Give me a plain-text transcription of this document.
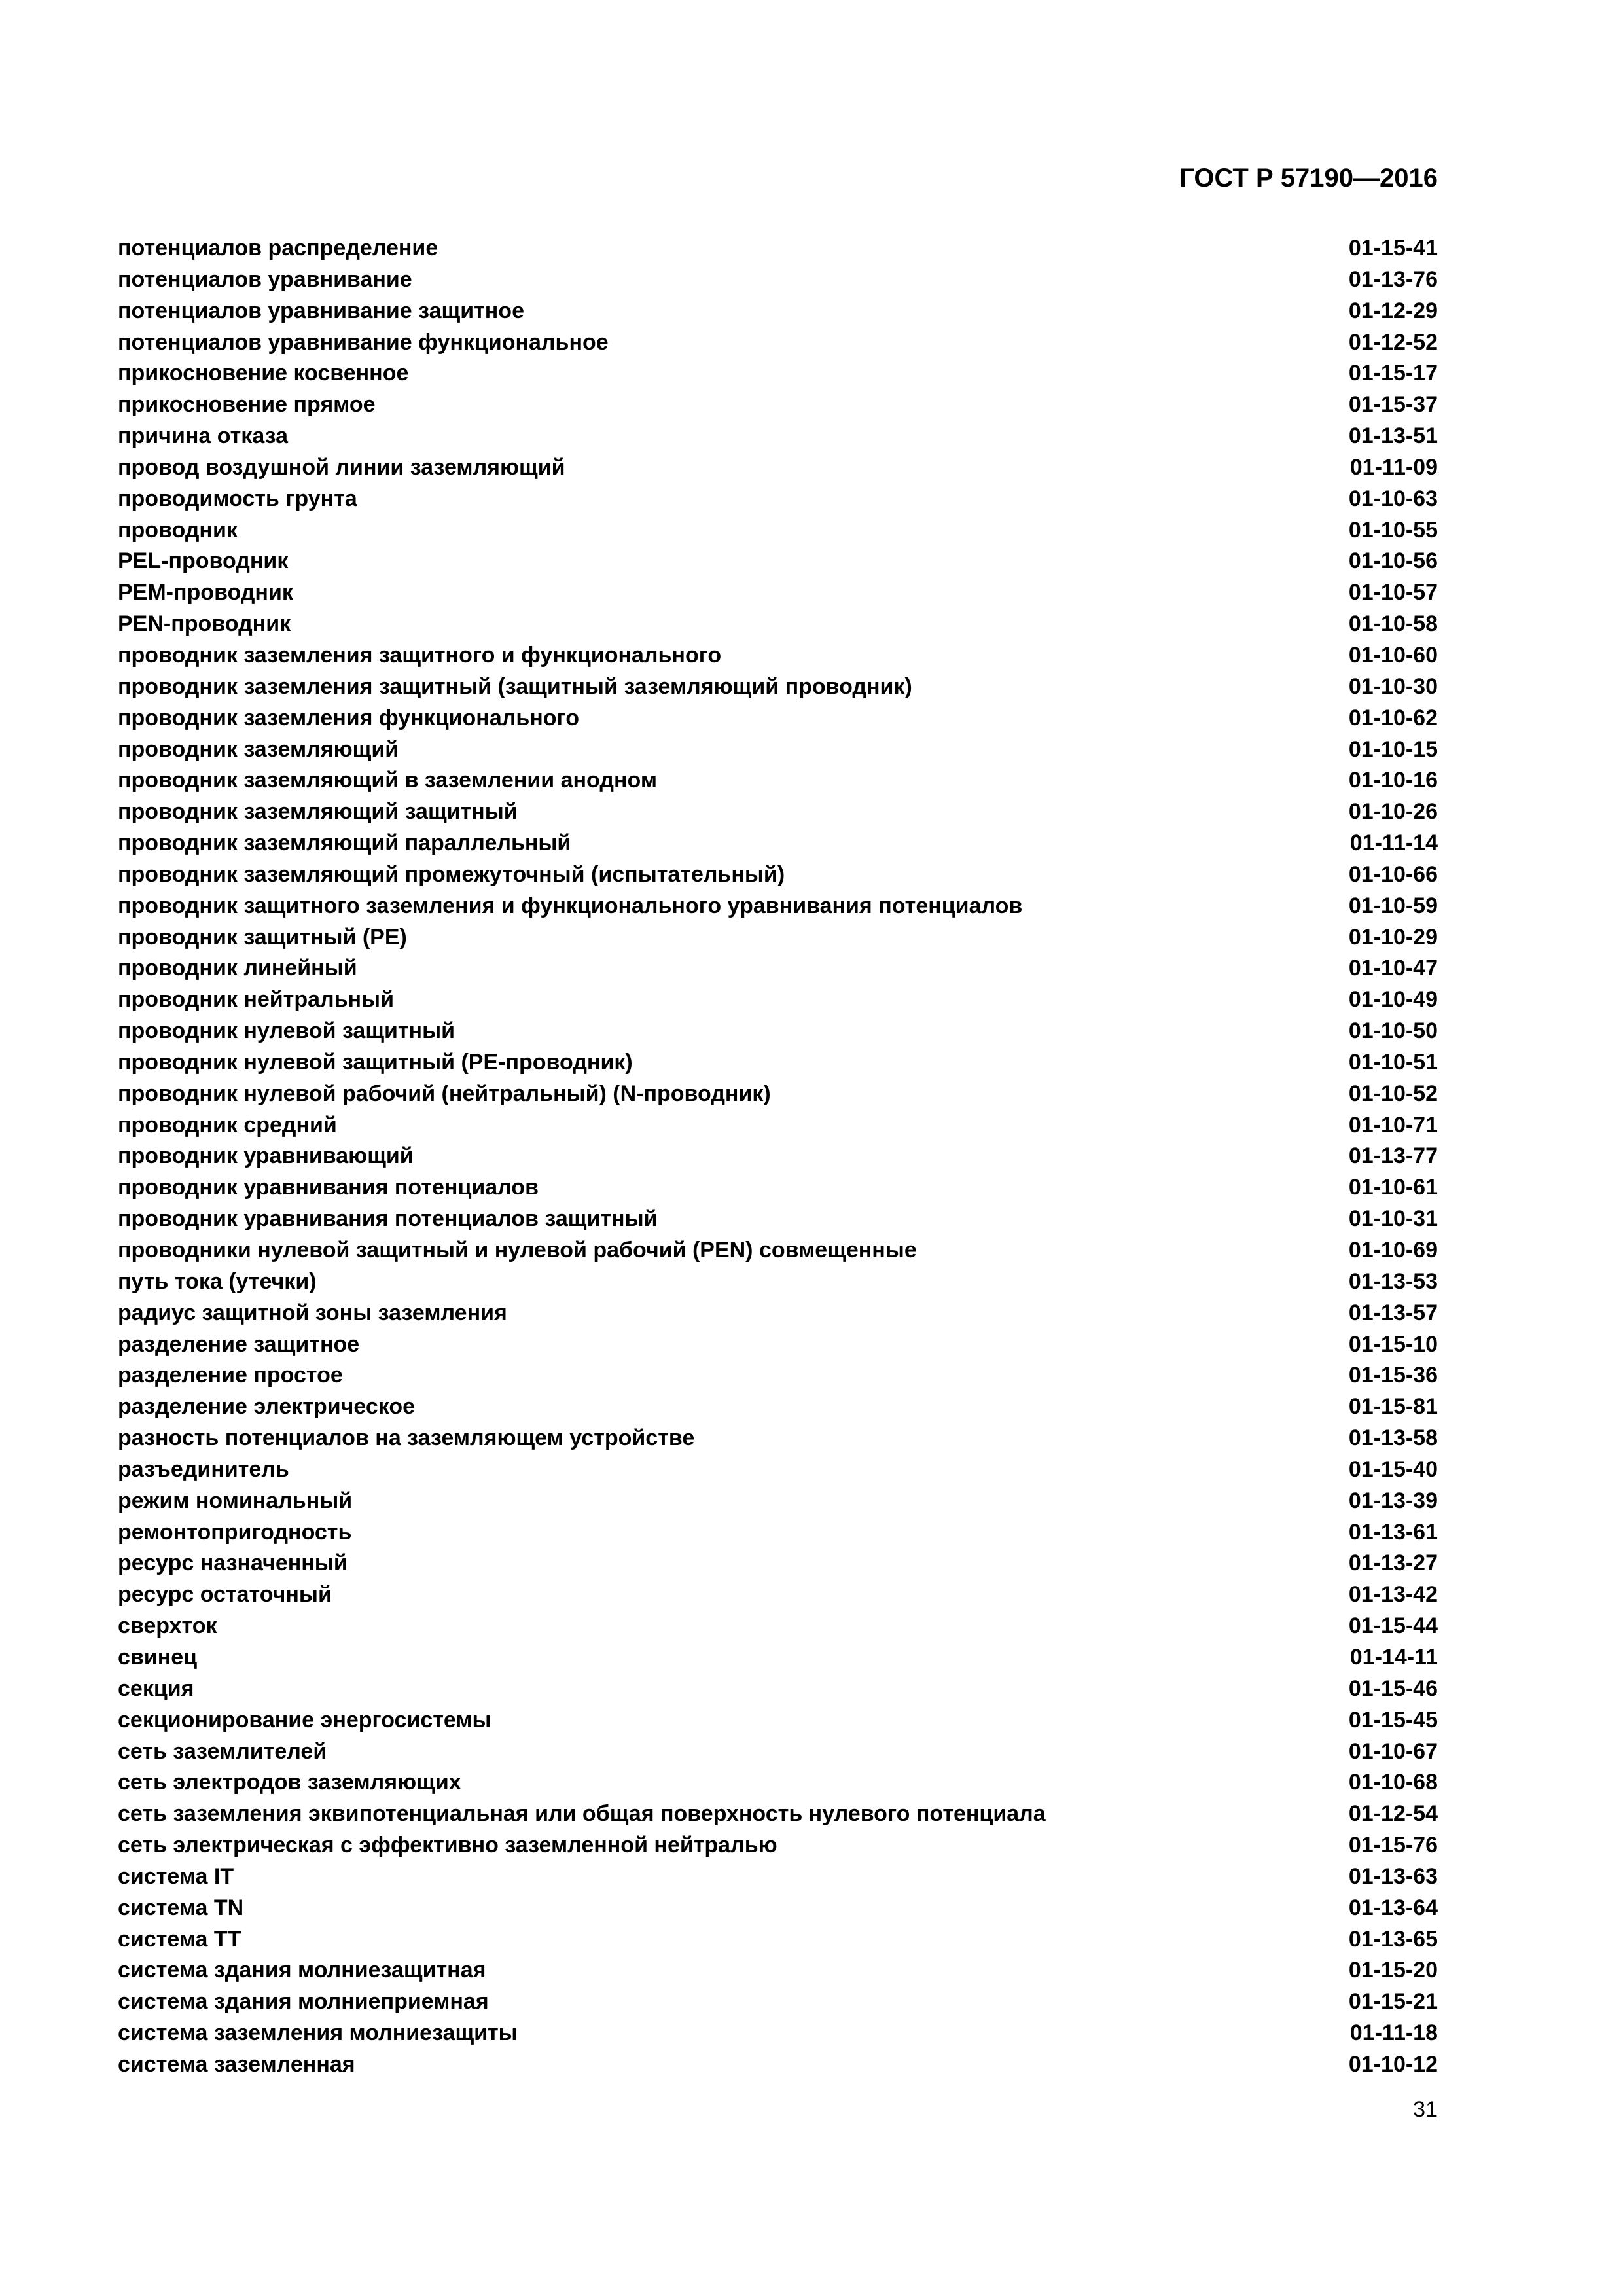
ГОСТ Р 57190—2016
потенциалов распределение	01-15-41
потенциалов уравнивание	01-13-76
потенциалов уравнивание защитное	01-12-29
потенциалов уравнивание функциональное	01-12-52
прикосновение косвенное	01-15-17
прикосновение прямое	01-15-37
причина отказа	01-13-51
провод воздушной линии заземляющий	01-11-09
проводимость грунта	01-10-63
проводник	01-10-55
PEL-проводник	01-10-56
PEM-проводник	01-10-57
PEN-проводник	01-10-58
проводник заземления защитного и функционального	01-10-60
проводник заземления защитный (защитный заземляющий проводник)	01-10-30
проводник заземления функционального	01-10-62
проводник заземляющий	01-10-15
проводник заземляющий в заземлении анодном	01-10-16
проводник заземляющий защитный	01-10-26
проводник заземляющий параллельный	01-11-14
проводник заземляющий промежуточный (испытательный)	01-10-66
проводник защитного заземления и функционального уравнивания потенциалов	01-10-59
проводник защитный (PE)	01-10-29
проводник линейный	01-10-47
проводник нейтральный	01-10-49
проводник нулевой защитный	01-10-50
проводник нулевой защитный (PE-проводник)	01-10-51
проводник нулевой рабочий (нейтральный) (N-проводник)	01-10-52
проводник средний	01-10-71
проводник уравнивающий	01-13-77
проводник уравнивания потенциалов	01-10-61
проводник уравнивания потенциалов защитный	01-10-31
проводники нулевой защитный и нулевой рабочий (PEN) совмещенные	01-10-69
путь тока (утечки)	01-13-53
радиус защитной зоны заземления	01-13-57
разделение защитное	01-15-10
разделение простое	01-15-36
разделение электрическое	01-15-81
разность потенциалов на заземляющем устройстве	01-13-58
разъединитель	01-15-40
режим номинальный	01-13-39
ремонтопригодность	01-13-61
ресурс назначенный	01-13-27
ресурс остаточный	01-13-42
сверхток	01-15-44
свинец	01-14-11
секция	01-15-46
секционирование энергосистемы	01-15-45
сеть заземлителей	01-10-67
сеть электродов заземляющих	01-10-68
сеть заземления эквипотенциальная или общая поверхность нулевого потенциала	01-12-54
сеть электрическая с эффективно заземленной нейтралью	01-15-76
система IT	01-13-63
система TN	01-13-64
система TT	01-13-65
система здания молниезащитная	01-15-20
система здания молниеприемная	01-15-21
система заземления молниезащиты	01-11-18
система заземленная	01-10-12
31
